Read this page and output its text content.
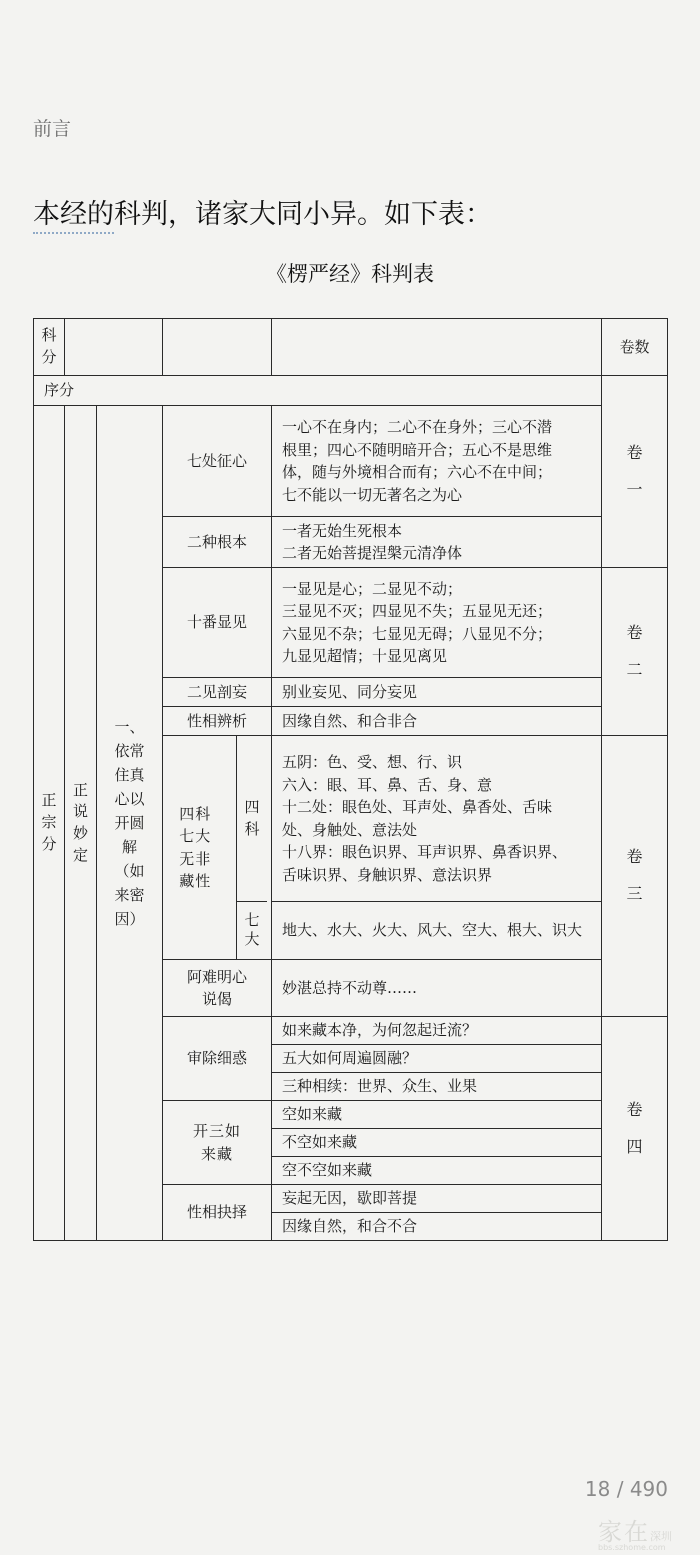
前言
本经的科判，诸家大同小异。如下表：
《楞严经》科判表
科分
卷数
序分
正宗分
正说妙定
一、依常住真心以开圆解（如来密因）
七处征心
一心不在身内；二心不在身外；三心不潜
根里；四心不随明暗开合；五心不是思维
体，随与外境相合而有；六心不在中间；
七不能以一切无著名之为心
二种根本
一者无始生死根本
二者无始菩提涅槃元清净体
十番显见
一显见是心；二显见不动；
三显见不灭；四显见不失；五显见无还；
六显见不杂；七显见无碍；八显见不分；
九显见超情；十显见离见
二见剖妄	别业妄见、同分妄见
性相辨析	因缘自然、和合非合
四科七大无非藏性
四科
七大
五阴：色、受、想、行、识
六入：眼、耳、鼻、舌、身、意
十二处：眼色处、耳声处、鼻香处、舌味
处、身触处、意法处
十八界：眼色识界、耳声识界、鼻香识界、
舌味识界、身触识界、意法识界
地大、水大、火大、风大、空大、根大、识大
阿难明心说偈
妙湛总持不动尊……
审除细惑
如来藏本净，为何忽起迁流？
五大如何周遍圆融？
三种相续：世界、众生、业果
开三如来藏
空如来藏
不空如来藏
空不空如来藏
性相抉择
妄起无因，歇即菩提
因缘自然，和合不合
卷一
卷二
卷三
卷四
18 / 490
家在深圳
bbs.szhome.com
